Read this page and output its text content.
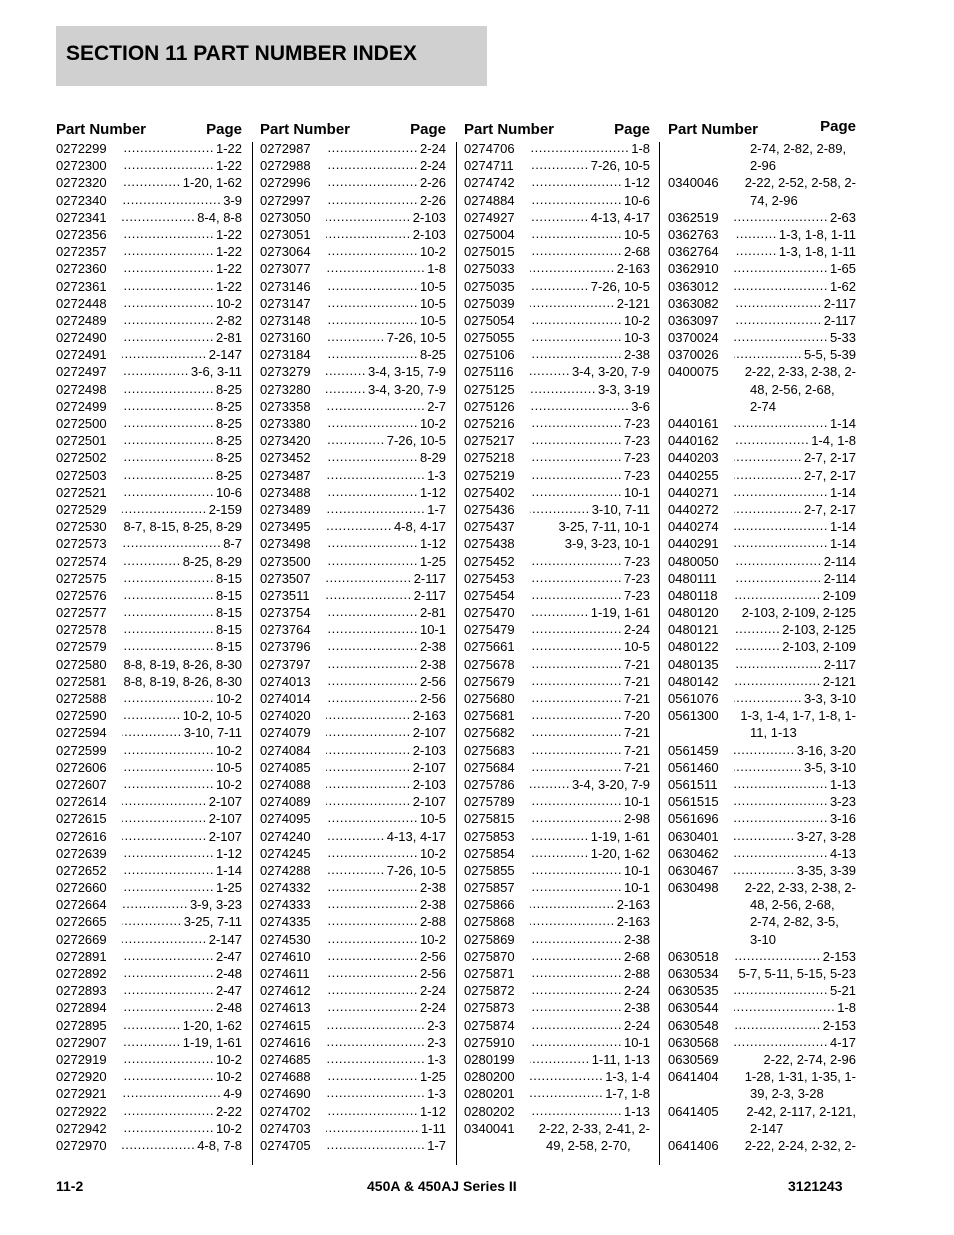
SECTION 11 PART NUMBER INDEX
Part Number	Page
0272299 .....	1-22
0272300 .....	1-22
0272320 .....	1-20, 1-62
0272340 .....	3-9
0272341 .....	8-4, 8-8
0272356 .....	1-22
0272357 .....	1-22
0272360 .....	1-22
0272361 .....	1-22
0272448 .....	10-2
0272489 .....	2-82
0272490 .....	2-81
0272491 .....	2-147
0272497 .....	3-6, 3-11
0272498 .....	8-25
0272499 .....	8-25
0272500 .....	8-25
0272501 .....	8-25
0272502 .....	8-25
0272503 .....	8-25
0272521 .....	10-6
0272529 .....	2-159
0272530	8-7, 8-15, 8-25, 8-29
0272573 .....	8-7
0272574 .....	8-25, 8-29
0272575 .....	8-15
0272576 .....	8-15
0272577 .....	8-15
0272578 .....	8-15
0272579 .....	8-15
0272580	8-8, 8-19, 8-26, 8-30
0272581	8-8, 8-19, 8-26, 8-30
0272588 .....	10-2
0272590 .....	10-2, 10-5
0272594 .....	3-10, 7-11
0272599 .....	10-2
0272606 .....	10-5
0272607 .....	10-2
0272614 .....	2-107
0272615 .....	2-107
0272616 .....	2-107
0272639 .....	1-12
0272652 .....	1-14
0272660 .....	1-25
0272664 .....	3-9, 3-23
0272665 .....	3-25, 7-11
0272669 .....	2-147
0272891 .....	2-47
0272892 .....	2-48
0272893 .....	2-47
0272894 .....	2-48
0272895 .....	1-20, 1-62
0272907 .....	1-19, 1-61
0272919 .....	10-2
0272920 .....	10-2
0272921 .....	4-9
0272922 .....	2-22
0272942 .....	10-2
0272970 .....	4-8, 7-8
Part Number	Page
0272987 .....	2-24
0272988 .....	2-24
0272996 .....	2-26
0272997 .....	2-26
0273050 .....	2-103
0273051 .....	2-103
0273064 .....	10-2
0273077 .....	1-8
0273146 .....	10-5
0273147 .....	10-5
0273148 .....	10-5
0273160 .....	7-26, 10-5
0273184 .....	8-25
0273279 .....	3-4, 3-15, 7-9
0273280 .....	3-4, 3-20, 7-9
0273358 .....	2-7
0273380 .....	10-2
0273420 .....	7-26, 10-5
0273452 .....	8-29
0273487 .....	1-3
0273488 .....	1-12
0273489 .....	1-7
0273495 .....	4-8, 4-17
0273498 .....	1-12
0273500 .....	1-25
0273507 .....	2-117
0273511 .....	2-117
0273754 .....	2-81
0273764 .....	10-1
0273796 .....	2-38
0273797 .....	2-38
0274013 .....	2-56
0274014 .....	2-56
0274020 .....	2-163
0274079 .....	2-107
0274084 .....	2-103
0274085 .....	2-107
0274088 .....	2-103
0274089 .....	2-107
0274095 .....	10-5
0274240 .....	4-13, 4-17
0274245 .....	10-2
0274288 .....	7-26, 10-5
0274332 .....	2-38
0274333 .....	2-38
0274335 .....	2-88
0274530 .....	10-2
0274610 .....	2-56
0274611 .....	2-56
0274612 .....	2-24
0274613 .....	2-24
0274615 .....	2-3
0274616 .....	2-3
0274685 .....	1-3
0274688 .....	1-25
0274690 .....	1-3
0274702 .....	1-12
0274703 .....	1-11
0274705 .....	1-7
Part Number	Page
0274706 .....	1-8
0274711 .....	7-26, 10-5
0274742 .....	1-12
0274884 .....	10-6
0274927 .....	4-13, 4-17
0275004 .....	10-5
0275015 .....	2-68
0275033 .....	2-163
0275035 .....	7-26, 10-5
0275039 .....	2-121
0275054 .....	10-2
0275055 .....	10-3
0275106 .....	2-38
0275116 .....	3-4, 3-20, 7-9
0275125 .....	3-3, 3-19
0275126 .....	3-6
0275216 .....	7-23
0275217 .....	7-23
0275218 .....	7-23
0275219 .....	7-23
0275402 .....	10-1
0275436 .....	3-10, 7-11
0275437	3-25, 7-11, 10-1
0275438	3-9, 3-23, 10-1
0275452 .....	7-23
0275453 .....	7-23
0275454 .....	7-23
0275470 .....	1-19, 1-61
0275479 .....	2-24
0275661 .....	10-5
0275678 .....	7-21
0275679 .....	7-21
0275680 .....	7-21
0275681 .....	7-20
0275682 .....	7-21
0275683 .....	7-21
0275684 .....	7-21
0275786 .....	3-4, 3-20, 7-9
0275789 .....	10-1
0275815 .....	2-98
0275853 .....	1-19, 1-61
0275854 .....	1-20, 1-62
0275855 .....	10-1
0275857 .....	10-1
0275866 .....	2-163
0275868 .....	2-163
0275869 .....	2-38
0275870 .....	2-68
0275871 .....	2-88
0275872 .....	2-24
0275873 .....	2-38
0275874 .....	2-24
0275910 .....	10-1
0280199 .....	1-11, 1-13
0280200 .....	1-3, 1-4
0280201 .....	1-7, 1-8
0280202 .....	1-13
0340041	2-22, 2-33, 2-41, 2-
49, 2-58, 2-70,
Part Number	Page
2-74, 2-82, 2-89,
2-96
0340046	2-22, 2-52, 2-58, 2-
74, 2-96
0362519 .....	2-63
0362763 .....	1-3, 1-8, 1-11
0362764 .....	1-3, 1-8, 1-11
0362910 .....	1-65
0363012 .....	1-62
0363082 .....	2-117
0363097 .....	2-117
0370024 .....	5-33
0370026 .....	5-5, 5-39
0400075	2-22, 2-33, 2-38, 2-
48, 2-56, 2-68,
2-74
0440161 .....	1-14
0440162 .....	1-4, 1-8
0440203 .....	2-7, 2-17
0440255 .....	2-7, 2-17
0440271 .....	1-14
0440272 .....	2-7, 2-17
0440274 .....	1-14
0440291 .....	1-14
0480050 .....	2-114
0480111 .....	2-114
0480118 .....	2-109
0480120	2-103, 2-109, 2-125
0480121 .....	2-103, 2-125
0480122 .....	2-103, 2-109
0480135 .....	2-117
0480142 .....	2-121
0561076 .....	3-3, 3-10
0561300	1-3, 1-4, 1-7, 1-8, 1-
11, 1-13
0561459 .....	3-16, 3-20
0561460 .....	3-5, 3-10
0561511 .....	1-13
0561515 .....	3-23
0561696 .....	3-16
0630401 .....	3-27, 3-28
0630462 .....	4-13
0630467 .....	3-35, 3-39
0630498	2-22, 2-33, 2-38, 2-
48, 2-56, 2-68,
2-74, 2-82, 3-5,
3-10
0630518 .....	2-153
0630534	5-7, 5-11, 5-15, 5-23
0630535 .....	5-21
0630544 .....	1-8
0630548 .....	2-153
0630568 .....	4-17
0630569	2-22, 2-74, 2-96
0641404	1-28, 1-31, 1-35, 1-
39, 2-3, 3-28
0641405	2-42, 2-117, 2-121,
2-147
0641406	2-22, 2-24, 2-32, 2-
11-2	450A & 450AJ Series II	3121243
